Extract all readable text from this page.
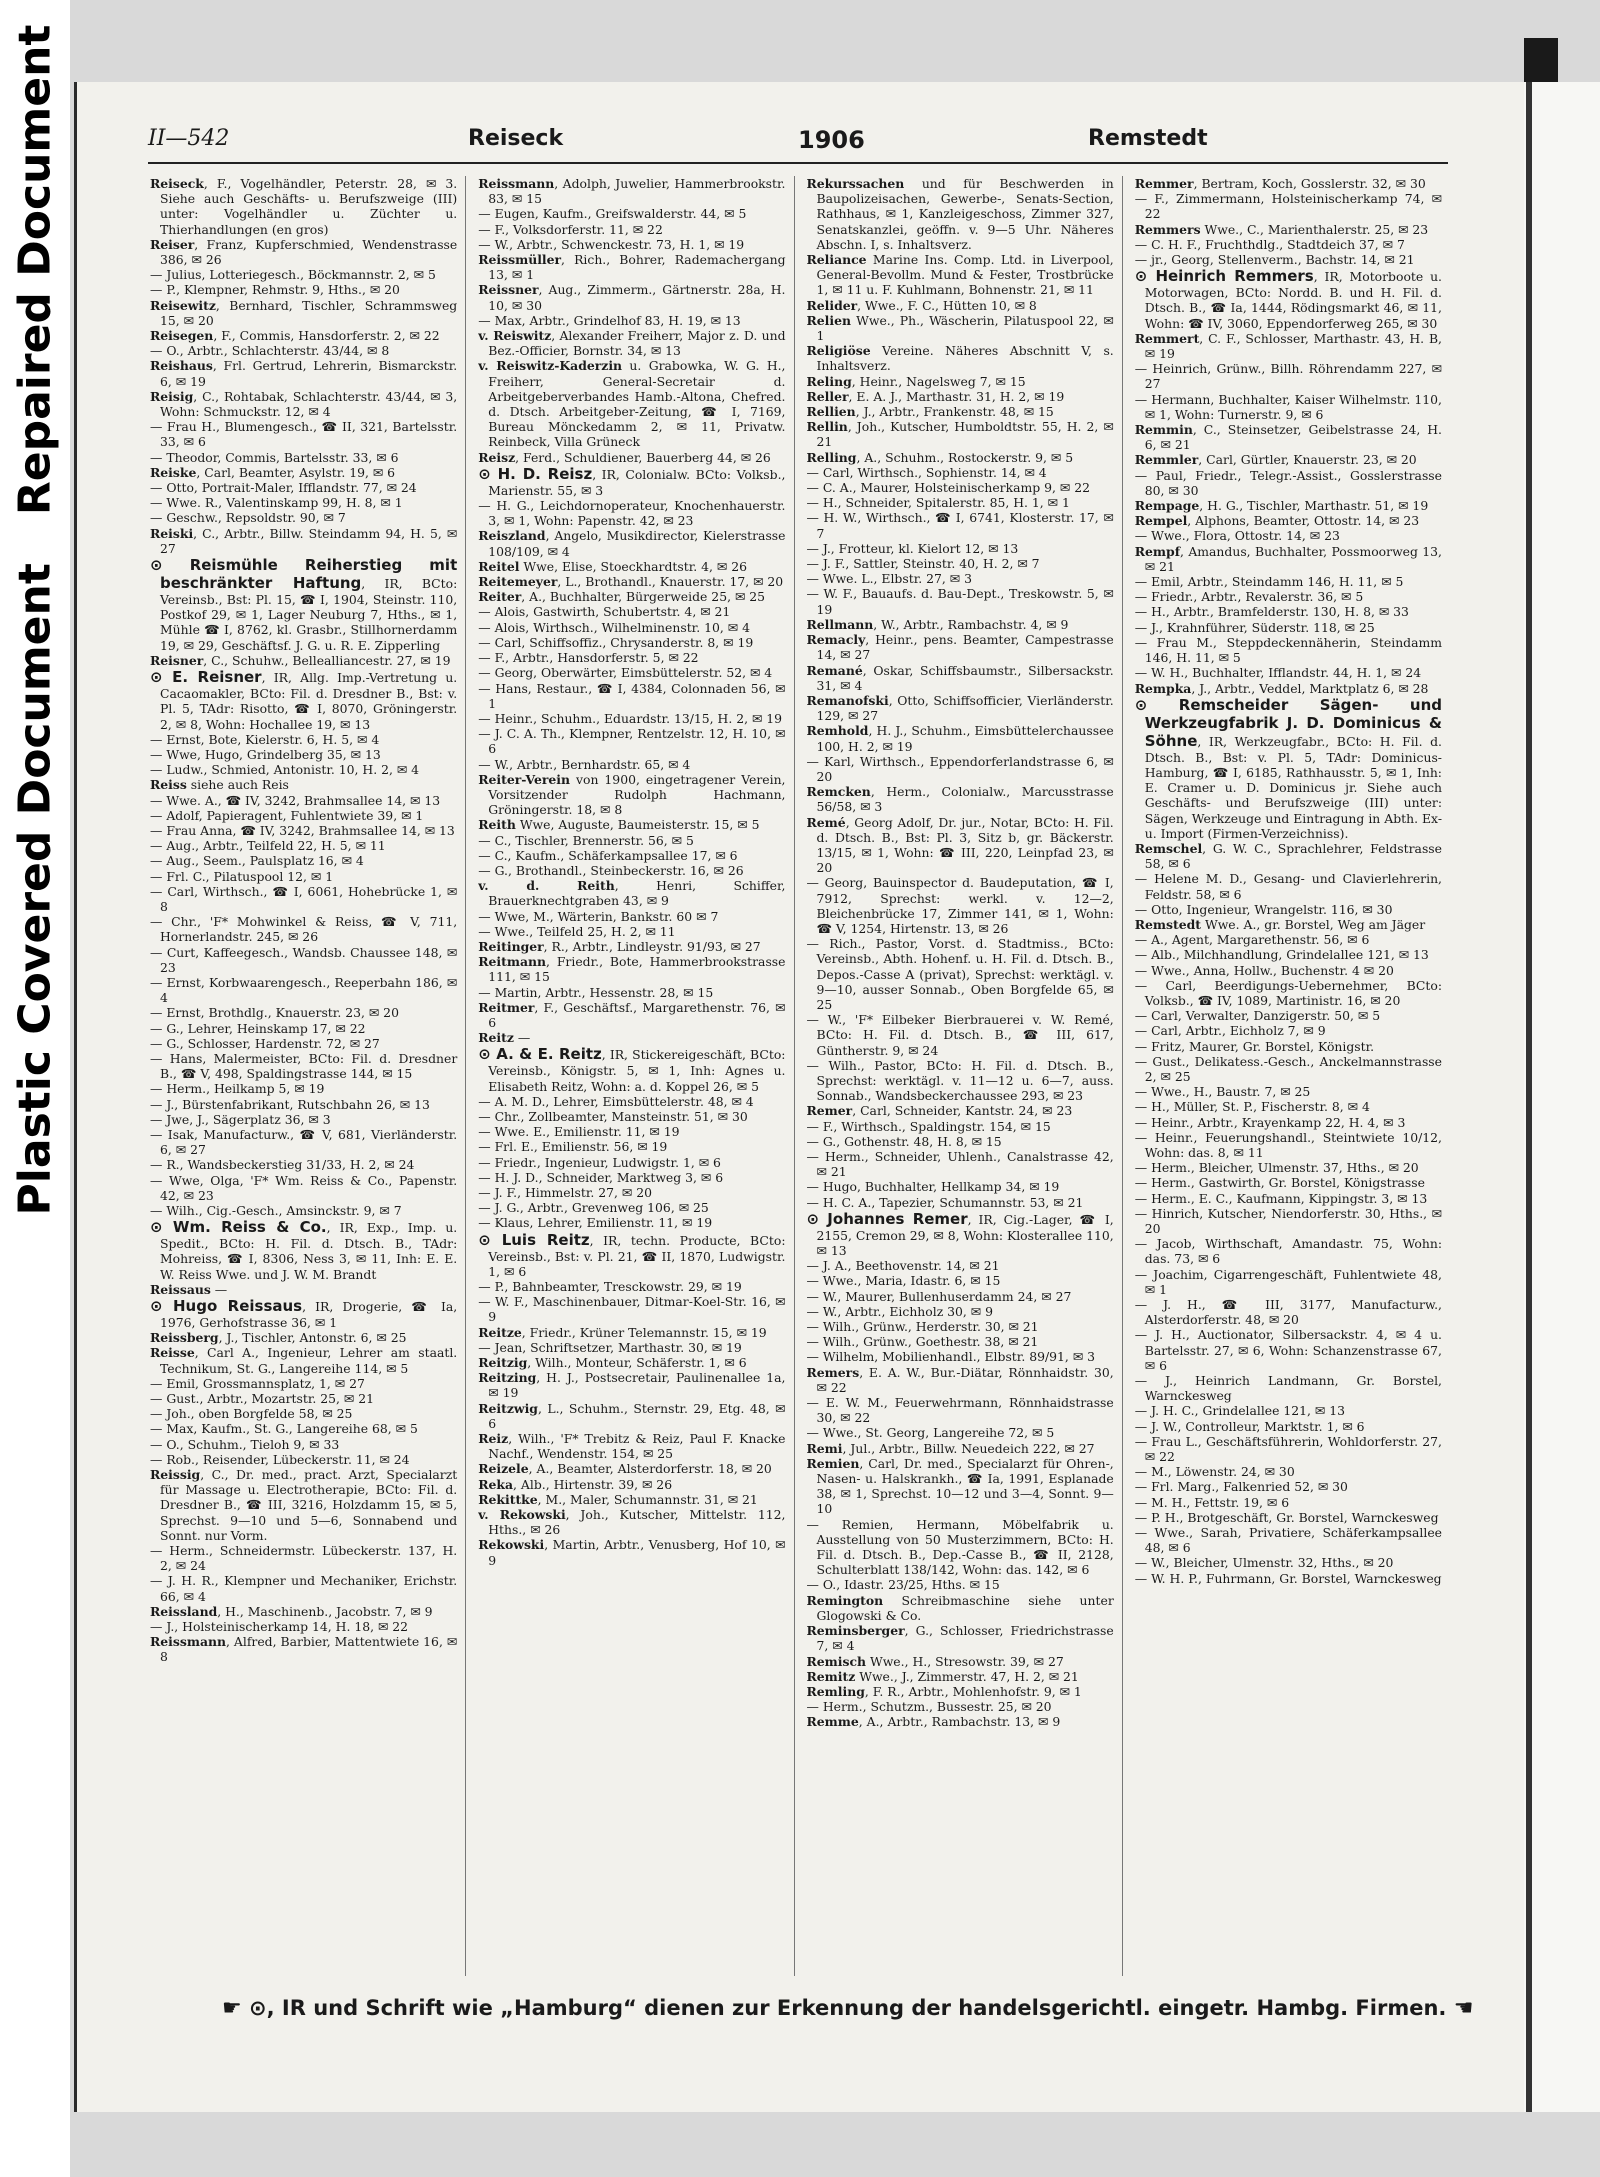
Plastic Covered DocumentRepaired Document	II—542	Reiseck	1906	Remstedt

Reiseck, F., Vogelhändler, Peterstr. 28, ✉ 3. Siehe auch Geschäfts- u. Berufszweige (III) unter: Vogelhändler u. Züchter u. Thierhandlungen (en gros)

Reiser, Franz, Kupferschmied, Wendenstrasse 386, ✉ 26

— Julius, Lotteriegesch., Böckmannstr. 2, ✉ 5

— P., Klempner, Rehmstr. 9, Hths., ✉ 20

Reisewitz, Bernhard, Tischler, Schrammsweg 15, ✉ 20

Reisegen, F., Commis, Hansdorferstr. 2, ✉ 22

— O., Arbtr., Schlachterstr. 43/44, ✉ 8

Reishaus, Frl. Gertrud, Lehrerin, Bismarckstr. 6, ✉ 19

Reisig, C., Rohtabak, Schlachterstr. 43/44, ✉ 3, Wohn: Schmuckstr. 12, ✉ 4

— Frau H., Blumengesch., ☎ II, 321, Bartelsstr. 33, ✉ 6

— Theodor, Commis, Bartelsstr. 33, ✉ 6

Reiske, Carl, Beamter, Asylstr. 19, ✉ 6

— Otto, Portrait-Maler, Ifflandstr. 77, ✉ 24

— Wwe. R., Valentinskamp 99, H. 8, ✉ 1

— Geschw., Repsoldstr. 90, ✉ 7

Reiski, C., Arbtr., Billw. Steindamm 94, H. 5, ✉ 27

⊙ Reismühle Reiherstieg mit beschränkter Haftung, IR, BCto: Vereinsb., Bst: Pl. 15, ☎ I, 1904, Steinstr. 110, Postkof 29, ✉ 1, Lager Neuburg 7, Hths., ✉ 1, Mühle ☎ I, 8762, kl. Grasbr., Stillhornerdamm 19, ✉ 29, Geschäftsf. J. G. u. R. E. Zipperling

Reisner, C., Schuhw., Bellealliancestr. 27, ✉ 19

⊙ E. Reisner, IR, Allg. Imp.-Vertretung u. Cacaomakler, BCto: Fil. d. Dresdner B., Bst: v. Pl. 5, TAdr: Risotto, ☎ I, 8070, Gröningerstr. 2, ✉ 8, Wohn: Hochallee 19, ✉ 13

— Ernst, Bote, Kielerstr. 6, H. 5, ✉ 4

— Wwe, Hugo, Grindelberg 35, ✉ 13

— Ludw., Schmied, Antonistr. 10, H. 2, ✉ 4

Reiss siehe auch Reis

— Wwe. A., ☎ IV, 3242, Brahmsallee 14, ✉ 13

— Adolf, Papieragent, Fuhlentwiete 39, ✉ 1

— Frau Anna, ☎ IV, 3242, Brahmsallee 14, ✉ 13

— Aug., Arbtr., Teilfeld 22, H. 5, ✉ 11

— Aug., Seem., Paulsplatz 16, ✉ 4

— Frl. C., Pilatuspool 12, ✉ 1

— Carl, Wirthsch., ☎ I, 6061, Hohebrücke 1, ✉ 8

— Chr., 'F* Mohwinkel & Reiss, ☎ V, 711, Hornerlandstr. 245, ✉ 26

— Curt, Kaffeegesch., Wandsb. Chaussee 148, ✉ 23

— Ernst, Korbwaarengesch., Reeperbahn 186, ✉ 4

— Ernst, Brothdlg., Knauerstr. 23, ✉ 20

— G., Lehrer, Heinskamp 17, ✉ 22

— G., Schlosser, Hardenstr. 72, ✉ 27

— Hans, Malermeister, BCto: Fil. d. Dresdner B., ☎ V, 498, Spaldingstrasse 144, ✉ 15

— Herm., Heilkamp 5, ✉ 19

— J., Bürstenfabrikant, Rutschbahn 26, ✉ 13

— Jwe, J., Sägerplatz 36, ✉ 3

— Isak, Manufacturw., ☎ V, 681, Vierländerstr. 6, ✉ 27

— R., Wandsbeckerstieg 31/33, H. 2, ✉ 24

— Wwe, Olga, 'F* Wm. Reiss & Co., Papenstr. 42, ✉ 23

— Wilh., Cig.-Gesch., Amsinckstr. 9, ✉ 7

⊙ Wm. Reiss & Co., IR, Exp., Imp. u. Spedit., BCto: H. Fil. d. Dtsch. B., TAdr: Mohreiss, ☎ I, 8306, Ness 3, ✉ 11, Inh: E. E. W. Reiss Wwe. und J. W. M. Brandt

Reissaus —

⊙ Hugo Reissaus, IR, Drogerie, ☎ Ia, 1976, Gerhofstrasse 36, ✉ 1

Reissberg, J., Tischler, Antonstr. 6, ✉ 25

Reisse, Carl A., Ingenieur, Lehrer am staatl. Technikum, St. G., Langereihe 114, ✉ 5

— Emil, Grossmannsplatz, 1, ✉ 27

— Gust., Arbtr., Mozartstr. 25, ✉ 21

— Joh., oben Borgfelde 58, ✉ 25

— Max, Kaufm., St. G., Langereihe 68, ✉ 5

— O., Schuhm., Tieloh 9, ✉ 33

— Rob., Reisender, Lübeckerstr. 11, ✉ 24

Reissig, C., Dr. med., pract. Arzt, Specialarzt für Massage u. Electrotherapie, BCto: Fil. d. Dresdner B., ☎ III, 3216, Holzdamm 15, ✉ 5, Sprechst. 9—10 und 5—6, Sonnabend und Sonnt. nur Vorm.

— Herm., Schneidermstr. Lübeckerstr. 137, H. 2, ✉ 24

— J. H. R., Klempner und Mechaniker, Erichstr. 66, ✉ 4

Reissland, H., Maschinenb., Jacobstr. 7, ✉ 9

— J., Holsteinischerkamp 14, H. 18, ✉ 22

Reissmann, Alfred, Barbier, Mattentwiete 16, ✉ 8

Reissmann, Adolph, Juwelier, Hammerbrookstr. 83, ✉ 15

— Eugen, Kaufm., Greifswalderstr. 44, ✉ 5

— F., Volksdorferstr. 11, ✉ 22

— W., Arbtr., Schwenckestr. 73, H. 1, ✉ 19

Reissmüller, Rich., Bohrer, Rademachergang 13, ✉ 1

Reissner, Aug., Zimmerm., Gärtnerstr. 28a, H. 10, ✉ 30

— Max, Arbtr., Grindelhof 83, H. 19, ✉ 13

v. Reiswitz, Alexander Freiherr, Major z. D. und Bez.-Officier, Bornstr. 34, ✉ 13

v. Reiswitz-Kaderzin u. Grabowka, W. G. H., Freiherr, General-Secretair d. Arbeitgeberverbandes Hamb.-Altona, Chefred. d. Dtsch. Arbeitgeber-Zeitung, ☎ I, 7169, Bureau Mönckedamm 2, ✉ 11, Privatw. Reinbeck, Villa Grüneck

Reisz, Ferd., Schuldiener, Bauerberg 44, ✉ 26

⊙ H. D. Reisz, IR, Colonialw. BCto: Volksb., Marienstr. 55, ✉ 3

— H. G., Leichdornoperateur, Knochenhauerstr. 3, ✉ 1, Wohn: Papenstr. 42, ✉ 23

Reiszland, Angelo, Musikdirector, Kielerstrasse 108/109, ✉ 4

Reitel Wwe, Elise, Stoeckhardtstr. 4, ✉ 26

Reitemeyer, L., Brothandl., Knauerstr. 17, ✉ 20

Reiter, A., Buchhalter, Bürgerweide 25, ✉ 25

— Alois, Gastwirth, Schubertstr. 4, ✉ 21

— Alois, Wirthsch., Wilhelminenstr. 10, ✉ 4

— Carl, Schiffsoffiz., Chrysanderstr. 8, ✉ 19

— F., Arbtr., Hansdorferstr. 5, ✉ 22

— Georg, Oberwärter, Eimsbüttelerstr. 52, ✉ 4

— Hans, Restaur., ☎ I, 4384, Colonnaden 56, ✉ 1

— Heinr., Schuhm., Eduardstr. 13/15, H. 2, ✉ 19

— J. C. A. Th., Klempner, Rentzelstr. 12, H. 10, ✉ 6

— W., Arbtr., Bernhardstr. 65, ✉ 4

Reiter-Verein von 1900, eingetragener Verein, Vorsitzender Rudolph Hachmann, Gröningerstr. 18, ✉ 8

Reith Wwe, Auguste, Baumeisterstr. 15, ✉ 5

— C., Tischler, Brennerstr. 56, ✉ 5

— C., Kaufm., Schäferkampsallee 17, ✉ 6

— G., Brothandl., Steinbeckerstr. 16, ✉ 26

v. d. Reith, Henri, Schiffer, Brauerknechtgraben 43, ✉ 9

— Wwe, M., Wärterin, Bankstr. 60 ✉ 7

— Wwe., Teilfeld 25, H. 2, ✉ 11

Reitinger, R., Arbtr., Lindleystr. 91/93, ✉ 27

Reitmann, Friedr., Bote, Hammerbrookstrasse 111, ✉ 15

— Martin, Arbtr., Hessenstr. 28, ✉ 15

Reitmer, F., Geschäftsf., Margarethenstr. 76, ✉ 6

Reitz —

⊙ A. & E. Reitz, IR, Stickereigeschäft, BCto: Vereinsb., Königstr. 5, ✉ 1, Inh: Agnes u. Elisabeth Reitz, Wohn: a. d. Koppel 26, ✉ 5

— A. M. D., Lehrer, Eimsbüttelerstr. 48, ✉ 4

— Chr., Zollbeamter, Mansteinstr. 51, ✉ 30

— Wwe. E., Emilienstr. 11, ✉ 19

— Frl. E., Emilienstr. 56, ✉ 19

— Friedr., Ingenieur, Ludwigstr. 1, ✉ 6

— H. J. D., Schneider, Marktweg 3, ✉ 6

— J. F., Himmelstr. 27, ✉ 20

— J. G., Arbtr., Grevenweg 106, ✉ 25

— Klaus, Lehrer, Emilienstr. 11, ✉ 19

⊙ Luis Reitz, IR, techn. Producte, BCto: Vereinsb., Bst: v. Pl. 21, ☎ II, 1870, Ludwigstr. 1, ✉ 6

— P., Bahnbeamter, Tresckowstr. 29, ✉ 19

— W. F., Maschinenbauer, Ditmar-Koel-Str. 16, ✉ 9

Reitze, Friedr., Krüner Telemannstr. 15, ✉ 19

— Jean, Schriftsetzer, Marthastr. 30, ✉ 19

Reitzig, Wilh., Monteur, Schäferstr. 1, ✉ 6

Reitzing, H. J., Postsecretair, Paulinenallee 1a, ✉ 19

Reitzwig, L., Schuhm., Sternstr. 29, Etg. 48, ✉ 6

Reiz, Wilh., 'F* Trebitz & Reiz, Paul F. Knacke Nachf., Wendenstr. 154, ✉ 25

Reizele, A., Beamter, Alsterdorferstr. 18, ✉ 20

Reka, Alb., Hirtenstr. 39, ✉ 26

Rekittke, M., Maler, Schumannstr. 31, ✉ 21

v. Rekowski, Joh., Kutscher, Mittelstr. 112, Hths., ✉ 26

Rekowski, Martin, Arbtr., Venusberg, Hof 10, ✉ 9

Rekurssachen und für Beschwerden in Baupolizeisachen, Gewerbe-, Senats-Section, Rathhaus, ✉ 1, Kanzleigeschoss, Zimmer 327, Senatskanzlei, geöffn. v. 9—5 Uhr. Näheres Abschn. I, s. Inhaltsverz.

Reliance Marine Ins. Comp. Ltd. in Liverpool, General-Bevollm. Mund & Fester, Trostbrücke 1, ✉ 11 u. F. Kuhlmann, Bohnenstr. 21, ✉ 11

Relider, Wwe., F. C., Hütten 10, ✉ 8

Relien Wwe., Ph., Wäscherin, Pilatuspool 22, ✉ 1

Religiöse Vereine. Näheres Abschnitt V, s. Inhaltsverz.

Reling, Heinr., Nagelsweg 7, ✉ 15

Reller, E. A. J., Marthastr. 31, H. 2, ✉ 19

Rellien, J., Arbtr., Frankenstr. 48, ✉ 15

Rellin, Joh., Kutscher, Humboldtstr. 55, H. 2, ✉ 21

Relling, A., Schuhm., Rostockerstr. 9, ✉ 5

— Carl, Wirthsch., Sophienstr. 14, ✉ 4

— C. A., Maurer, Holsteinischerkamp 9, ✉ 22

— H., Schneider, Spitalerstr. 85, H. 1, ✉ 1

— H. W., Wirthsch., ☎ I, 6741, Klosterstr. 17, ✉ 7

— J., Frotteur, kl. Kielort 12, ✉ 13

— J. F., Sattler, Steinstr. 40, H. 2, ✉ 7

— Wwe. L., Elbstr. 27, ✉ 3

— W. F., Bauaufs. d. Bau-Dept., Treskowstr. 5, ✉ 19

Rellmann, W., Arbtr., Rambachstr. 4, ✉ 9

Remacly, Heinr., pens. Beamter, Campestrasse 14, ✉ 27

Remané, Oskar, Schiffsbaumstr., Silbersackstr. 31, ✉ 4

Remanofski, Otto, Schiffsofficier, Vierländerstr. 129, ✉ 27

Remhold, H. J., Schuhm., Eimsbüttelerchaussee 100, H. 2, ✉ 19

— Karl, Wirthsch., Eppendorferlandstrasse 6, ✉ 20

Remcken, Herm., Colonialw., Marcusstrasse 56/58, ✉ 3

Remé, Georg Adolf, Dr. jur., Notar, BCto: H. Fil. d. Dtsch. B., Bst: Pl. 3, Sitz b, gr. Bäckerstr. 13/15, ✉ 1, Wohn: ☎ III, 220, Leinpfad 23, ✉ 20

— Georg, Bauinspector d. Baudeputation, ☎ I, 7912, Sprechst: werkl. v. 12—2, Bleichenbrücke 17, Zimmer 141, ✉ 1, Wohn: ☎ V, 1254, Hirtenstr. 13, ✉ 26

— Rich., Pastor, Vorst. d. Stadtmiss., BCto: Vereinsb., Abth. Hohenf. u. H. Fil. d. Dtsch. B., Depos.-Casse A (privat), Sprechst: werktägl. v. 9—10, ausser Sonnab., Oben Borgfelde 65, ✉ 25

— W., 'F* Eilbeker Bierbrauerei v. W. Remé, BCto: H. Fil. d. Dtsch. B., ☎ III, 617, Güntherstr. 9, ✉ 24

— Wilh., Pastor, BCto: H. Fil. d. Dtsch. B., Sprechst: werktägl. v. 11—12 u. 6—7, auss. Sonnab., Wandsbeckerchaussee 293, ✉ 23

Remer, Carl, Schneider, Kantstr. 24, ✉ 23

— F., Wirthsch., Spaldingstr. 154, ✉ 15

— G., Gothenstr. 48, H. 8, ✉ 15

— Herm., Schneider, Uhlenh., Canalstrasse 42, ✉ 21

— Hugo, Buchhalter, Hellkamp 34, ✉ 19

— H. C. A., Tapezier, Schumannstr. 53, ✉ 21

⊙ Johannes Remer, IR, Cig.-Lager, ☎ I, 2155, Cremon 29, ✉ 8, Wohn: Klosterallee 110, ✉ 13

— J. A., Beethovenstr. 14, ✉ 21

— Wwe., Maria, Idastr. 6, ✉ 15

— W., Maurer, Bullenhuserdamm 24, ✉ 27

— W., Arbtr., Eichholz 30, ✉ 9

— Wilh., Grünw., Herderstr. 30, ✉ 21

— Wilh., Grünw., Goethestr. 38, ✉ 21

— Wilhelm, Mobilienhandl., Elbstr. 89/91, ✉ 3

Remers, E. A. W., Bur.-Diätar, Rönnhaidstr. 30, ✉ 22

— E. W. M., Feuerwehrmann, Rönnhaidstrasse 30, ✉ 22

— Wwe., St. Georg, Langereihe 72, ✉ 5

Remi, Jul., Arbtr., Billw. Neuedeich 222, ✉ 27

Remien, Carl, Dr. med., Specialarzt für Ohren-, Nasen- u. Halskrankh., ☎ Ia, 1991, Esplanade 38, ✉ 1, Sprechst. 10—12 und 3—4, Sonnt. 9—10

— Remien, Hermann, Möbelfabrik u. Ausstellung von 50 Musterzimmern, BCto: H. Fil. d. Dtsch. B., Dep.-Casse B., ☎ II, 2128, Schulterblatt 138/142, Wohn: das. 142, ✉ 6

— O., Idastr. 23/25, Hths. ✉ 15

Remington Schreibmaschine siehe unter Glogowski & Co.

Reminsberger, G., Schlosser, Friedrichstrasse 7, ✉ 4

Remisch Wwe., H., Stresowstr. 39, ✉ 27

Remitz Wwe., J., Zimmerstr. 47, H. 2, ✉ 21

Remling, F. R., Arbtr., Mohlenhofstr. 9, ✉ 1

— Herm., Schutzm., Bussestr. 25, ✉ 20

Remme, A., Arbtr., Rambachstr. 13, ✉ 9

Remmer, Bertram, Koch, Gosslerstr. 32, ✉ 30

— F., Zimmermann, Holsteinischerkamp 74, ✉ 22

Remmers Wwe., C., Marienthalerstr. 25, ✉ 23

— C. H. F., Fruchthdlg., Stadtdeich 37, ✉ 7

— jr., Georg, Stellenverm., Bachstr. 14, ✉ 21

⊙ Heinrich Remmers, IR, Motorboote u. Motorwagen, BCto: Nordd. B. und H. Fil. d. Dtsch. B., ☎ Ia, 1444, Rödingsmarkt 46, ✉ 11, Wohn: ☎ IV, 3060, Eppendorferweg 265, ✉ 30

Remmert, C. F., Schlosser, Marthastr. 43, H. B, ✉ 19

— Heinrich, Grünw., Billh. Röhrendamm 227, ✉ 27

— Hermann, Buchhalter, Kaiser Wilhelmstr. 110, ✉ 1, Wohn: Turnerstr. 9, ✉ 6

Remmin, C., Steinsetzer, Geibelstrasse 24, H. 6, ✉ 21

Remmler, Carl, Gürtler, Knauerstr. 23, ✉ 20

— Paul, Friedr., Telegr.-Assist., Gosslerstrasse 80, ✉ 30

Rempage, H. G., Tischler, Marthastr. 51, ✉ 19

Rempel, Alphons, Beamter, Ottostr. 14, ✉ 23

— Wwe., Flora, Ottostr. 14, ✉ 23

Rempf, Amandus, Buchhalter, Possmoorweg 13, ✉ 21

— Emil, Arbtr., Steindamm 146, H. 11, ✉ 5

— Friedr., Arbtr., Revalerstr. 36, ✉ 5

— H., Arbtr., Bramfelderstr. 130, H. 8, ✉ 33

— J., Krahnführer, Süderstr. 118, ✉ 25

— Frau M., Steppdeckennäherin, Steindamm 146, H. 11, ✉ 5

— W. H., Buchhalter, Ifflandstr. 44, H. 1, ✉ 24

Rempka, J., Arbtr., Veddel, Marktplatz 6, ✉ 28

⊙ Remscheider Sägen- und Werkzeugfabrik J. D. Dominicus & Söhne, IR, Werkzeugfabr., BCto: H. Fil. d. Dtsch. B., Bst: v. Pl. 5, TAdr: Dominicus-Hamburg, ☎ I, 6185, Rathhausstr. 5, ✉ 1, Inh: E. Cramer u. D. Dominicus jr. Siehe auch Geschäfts- und Berufszweige (III) unter: Sägen, Werkzeuge und Eintragung in Abth. Ex- u. Import (Firmen-Verzeichniss).

Remschel, G. W. C., Sprachlehrer, Feldstrasse 58, ✉ 6

— Helene M. D., Gesang- und Clavierlehrerin, Feldstr. 58, ✉ 6

— Otto, Ingenieur, Wrangelstr. 116, ✉ 30

Remstedt Wwe. A., gr. Borstel, Weg am Jäger

— A., Agent, Margarethenstr. 56, ✉ 6

— Alb., Milchhandlung, Grindelallee 121, ✉ 13

— Wwe., Anna, Hollw., Buchenstr. 4 ✉ 20

— Carl, Beerdigungs-Uebernehmer, BCto: Volksb., ☎ IV, 1089, Martinistr. 16, ✉ 20

— Carl, Verwalter, Danzigerstr. 50, ✉ 5

— Carl, Arbtr., Eichholz 7, ✉ 9

— Fritz, Maurer, Gr. Borstel, Königstr.

— Gust., Delikatess.-Gesch., Anckelmannstrasse 2, ✉ 25

— Wwe., H., Baustr. 7, ✉ 25

— H., Müller, St. P., Fischerstr. 8, ✉ 4

— Heinr., Arbtr., Krayenkamp 22, H. 4, ✉ 3

— Heinr., Feuerungshandl., Steintwiete 10/12, Wohn: das. 8, ✉ 11

— Herm., Bleicher, Ulmenstr. 37, Hths., ✉ 20

— Herm., Gastwirth, Gr. Borstel, Königstrasse

— Herm., E. C., Kaufmann, Kippingstr. 3, ✉ 13

— Hinrich, Kutscher, Niendorferstr. 30, Hths., ✉ 20

— Jacob, Wirthschaft, Amandastr. 75, Wohn: das. 73, ✉ 6

— Joachim, Cigarrengeschäft, Fuhlentwiete 48, ✉ 1

— J. H., ☎ III, 3177, Manufacturw., Alsterdorferstr. 48, ✉ 20

— J. H., Auctionator, Silbersackstr. 4, ✉ 4 u. Bartelsstr. 27, ✉ 6, Wohn: Schanzenstrasse 67, ✉ 6

— J., Heinrich Landmann, Gr. Borstel, Warnckesweg

— J. H. C., Grindelallee 121, ✉ 13

— J. W., Controlleur, Marktstr. 1, ✉ 6

— Frau L., Geschäftsführerin, Wohldorferstr. 27, ✉ 22

— M., Löwenstr. 24, ✉ 30

— Frl. Marg., Falkenried 52, ✉ 30

— M. H., Fettstr. 19, ✉ 6

— P. H., Brotgeschäft, Gr. Borstel, Warnckesweg

— Wwe., Sarah, Privatiere, Schäferkampsallee 48, ✉ 6

— W., Bleicher, Ulmenstr. 32, Hths., ✉ 20

— W. H. P., Fuhrmann, Gr. Borstel, Warnckesweg

☛ ⊙, IR und Schrift wie „Hamburg“ dienen zur Erkennung der handelsgerichtl. eingetr. Hambg. Firmen. ☚
